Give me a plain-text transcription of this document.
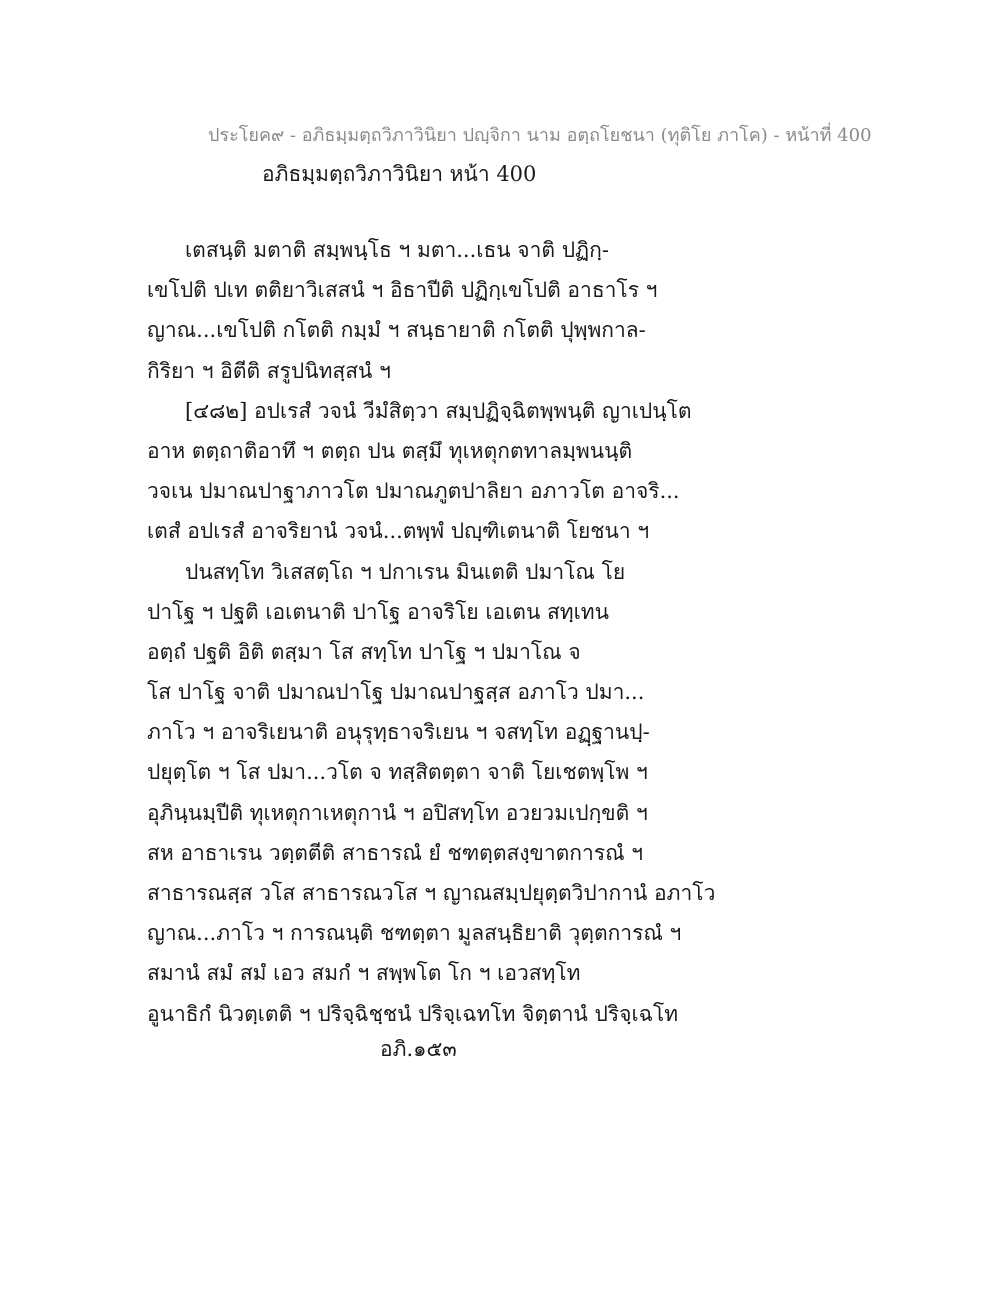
ประโยค๙ - อภิธมฺมตฺถวิภาวินิยา ปญฺจิกา นาม อตฺถโยชนา (ทุติโย ภาโค) - หน้าที่ 400
อภิธมฺมตฺถวิภาวินิยา หน้า 400
เตสนฺติ มตาติ สมฺพนฺโธ ฯ มตา...เธน จาติ ปฏิกฺ-
เขโปติ ปเท ตติยาวิเสสนํ ฯ อิธาปีติ ปฏิกฺเขโปติ อาธาโร ฯ
ญาณ...เขโปติ กโตติ กมฺมํ ฯ สนฺธายาติ กโตติ ปุพฺพกาล-
กิริยา ฯ อิตีติ สรูปนิทสฺสนํ ฯ
[๔๘๒] อปเรสํ วจนํ วีมํสิตฺวา สมฺปฏิจฺฉิตพฺพนฺติ ญาเปนฺโต
อาห ตตฺถาติอาทึ ฯ ตตฺถ ปน ตสฺมึ ทุเหตุกตทาลมฺพนนฺติ
วจเน ปมาณปาฐาภาวโต ปมาณภูตปาลิยา อภาวโต อาจริ...
เตสํ อปเรสํ อาจริยานํ วจนํ...ตพฺพํ ปญฺฑิเตนาติ โยชนา ฯ
ปนสทฺโท วิเสสตฺโถ ฯ ปกาเรน มินเตติ ปมาโณ โย
ปาโฐ ฯ ปฐติ เอเตนาติ ปาโฐ อาจริโย เอเตน สทฺเทน
อตฺถํ ปฐติ อิติ ตสฺมา โส สทฺโท ปาโฐ ฯ ปมาโณ จ
โส ปาโฐ จาติ ปมาณปาโฐ ปมาณปาฐสฺส อภาโว ปมา...
ภาโว ฯ อาจริเยนาติ อนุรุทฺธาจริเยน ฯ จสทฺโท อฏฺฐานปฺ-
ปยุตฺโต ฯ โส ปมา...วโต จ ทสฺสิตตฺตา จาติ โยเชตพฺโพ ฯ
อุภินฺนมฺปีติ ทุเหตุกาเหตุกานํ ฯ อปิสทฺโท อวยวมเปกฺขติ ฯ
สห อาธาเรน วตฺตตีติ สาธารณํ ยํ ชฑตฺตสงฺขาตการณํ ฯ
สาธารณสฺส วโส สาธารณวโส ฯ ญาณสมฺปยุตฺตวิปากานํ อภาโว
ญาณ...ภาโว ฯ การณนฺติ ชฑตฺตา มูลสนฺธิยาติ วุตฺตการณํ ฯ
สมานํ สมํ สมํ เอว สมกํ ฯ สพฺพโต โก ฯ เอวสทฺโท
อูนาธิกํ นิวตฺเตติ ฯ ปริจฺฉิชฺชนํ ปริจฺเฉทโท จิตฺตานํ ปริจฺเฉโท
อภิ.๑๕๓
